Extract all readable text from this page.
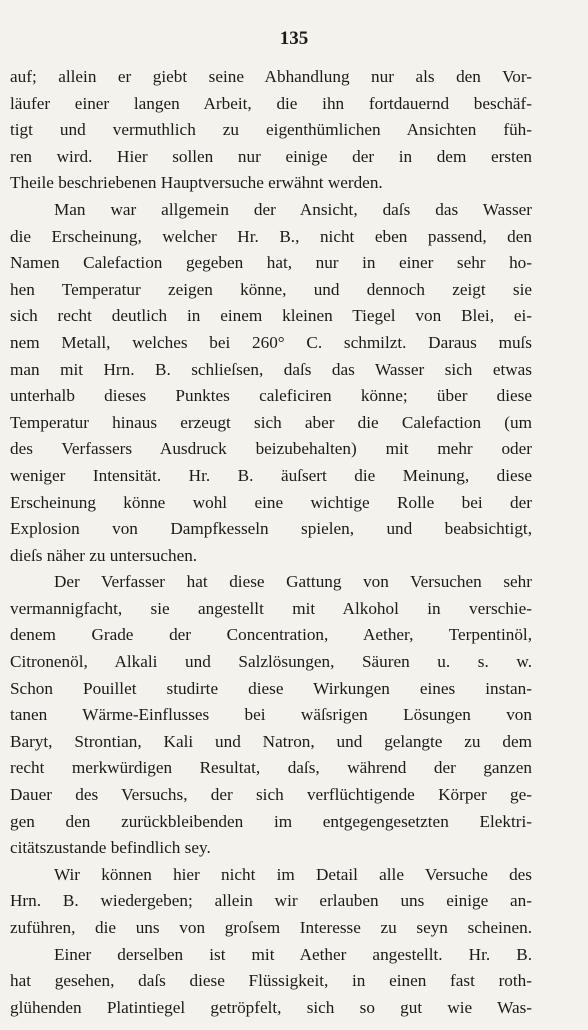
135
auf; allein er giebt seine Abhandlung nur als den Vor-
läufer einer langen Arbeit, die ihn fortdauernd beschäf-
tigt und vermuthlich zu eigenthümlichen Ansichten füh-
ren wird. Hier sollen nur einige der in dem ersten
Theile beschriebenen Hauptversuche erwähnt werden.
Man war allgemein der Ansicht, daſs das Wasser
die Erscheinung, welcher Hr. B., nicht eben passend, den
Namen Calefaction gegeben hat, nur in einer sehr ho-
hen Temperatur zeigen könne, und dennoch zeigt sie
sich recht deutlich in einem kleinen Tiegel von Blei, ei-
nem Metall, welches bei 260° C. schmilzt. Daraus muſs
man mit Hrn. B. schlieſsen, daſs das Wasser sich etwas
unterhalb dieses Punktes caleficiren könne; über diese
Temperatur hinaus erzeugt sich aber die Calefaction (um
des Verfassers Ausdruck beizubehalten) mit mehr oder
weniger Intensität. Hr. B. äuſsert die Meinung, diese
Erscheinung könne wohl eine wichtige Rolle bei der
Explosion von Dampfkesseln spielen, und beabsichtigt,
dieſs näher zu untersuchen.
Der Verfasser hat diese Gattung von Versuchen sehr
vermannigfacht, sie angestellt mit Alkohol in verschie-
denem Grade der Concentration, Aether, Terpentinöl,
Citronenöl, Alkali und Salzlösungen, Säuren u. s. w.
Schon Pouillet studirte diese Wirkungen eines instan-
tanen Wärme-Einflusses bei wäſsrigen Lösungen von
Baryt, Strontian, Kali und Natron, und gelangte zu dem
recht merkwürdigen Resultat, daſs, während der ganzen
Dauer des Versuchs, der sich verflüchtigende Körper ge-
gen den zurückbleibenden im entgegengesetzten Elektri-
citätszustande befindlich sey.
Wir können hier nicht im Detail alle Versuche des
Hrn. B. wiedergeben; allein wir erlauben uns einige an-
zuführen, die uns von groſsem Interesse zu seyn scheinen.
Einer derselben ist mit Aether angestellt. Hr. B.
hat gesehen, daſs diese Flüssigkeit, in einen fast roth-
glühenden Platintiegel getröpfelt, sich so gut wie Was-
